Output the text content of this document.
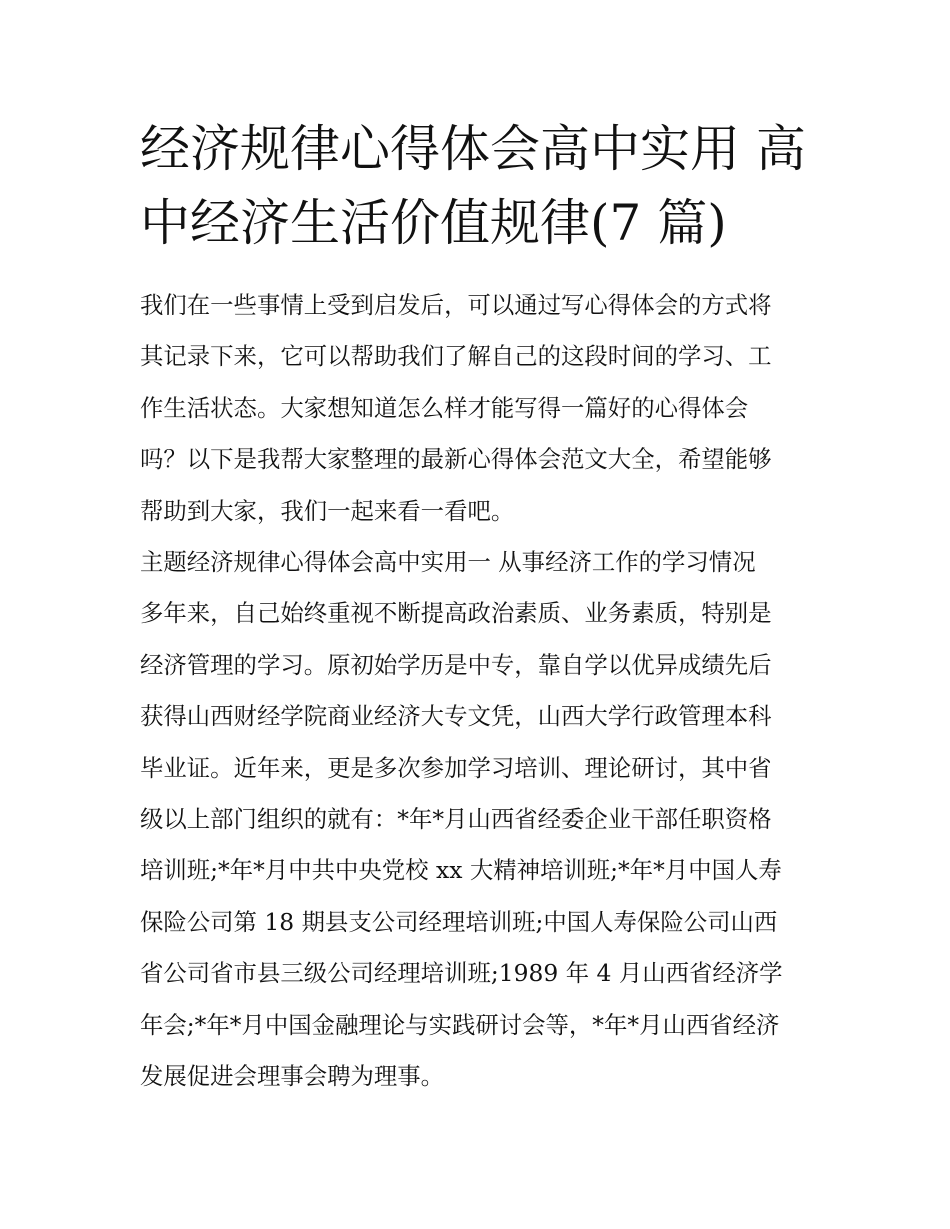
经济规律心得体会高中实用 高
中经济生活价值规律(7 篇)

我们在一些事情上受到启发后，可以通过写心得体会的方式将
其记录下来，它可以帮助我们了解自己的这段时间的学习、工
作生活状态。大家想知道怎么样才能写得一篇好的心得体会
吗？以下是我帮大家整理的最新心得体会范文大全，希望能够
帮助到大家，我们一起来看一看吧。

主题经济规律心得体会高中实用一 从事经济工作的学习情况

多年来，自己始终重视不断提高政治素质、业务素质，特别是
经济管理的学习。原初始学历是中专，靠自学以优异成绩先后
获得山西财经学院商业经济大专文凭，山西大学行政管理本科
毕业证。近年来，更是多次参加学习培训、理论研讨，其中省
级以上部门组织的就有：*年*月山西省经委企业干部任职资格
培训班;*年*月中共中央党校 xx 大精神培训班;*年*月中国人寿
保险公司第 18 期县支公司经理培训班;中国人寿保险公司山西
省公司省市县三级公司经理培训班;1989 年 4 月山西省经济学
年会;*年*月中国金融理论与实践研讨会等，*年*月山西省经济
发展促进会理事会聘为理事。
